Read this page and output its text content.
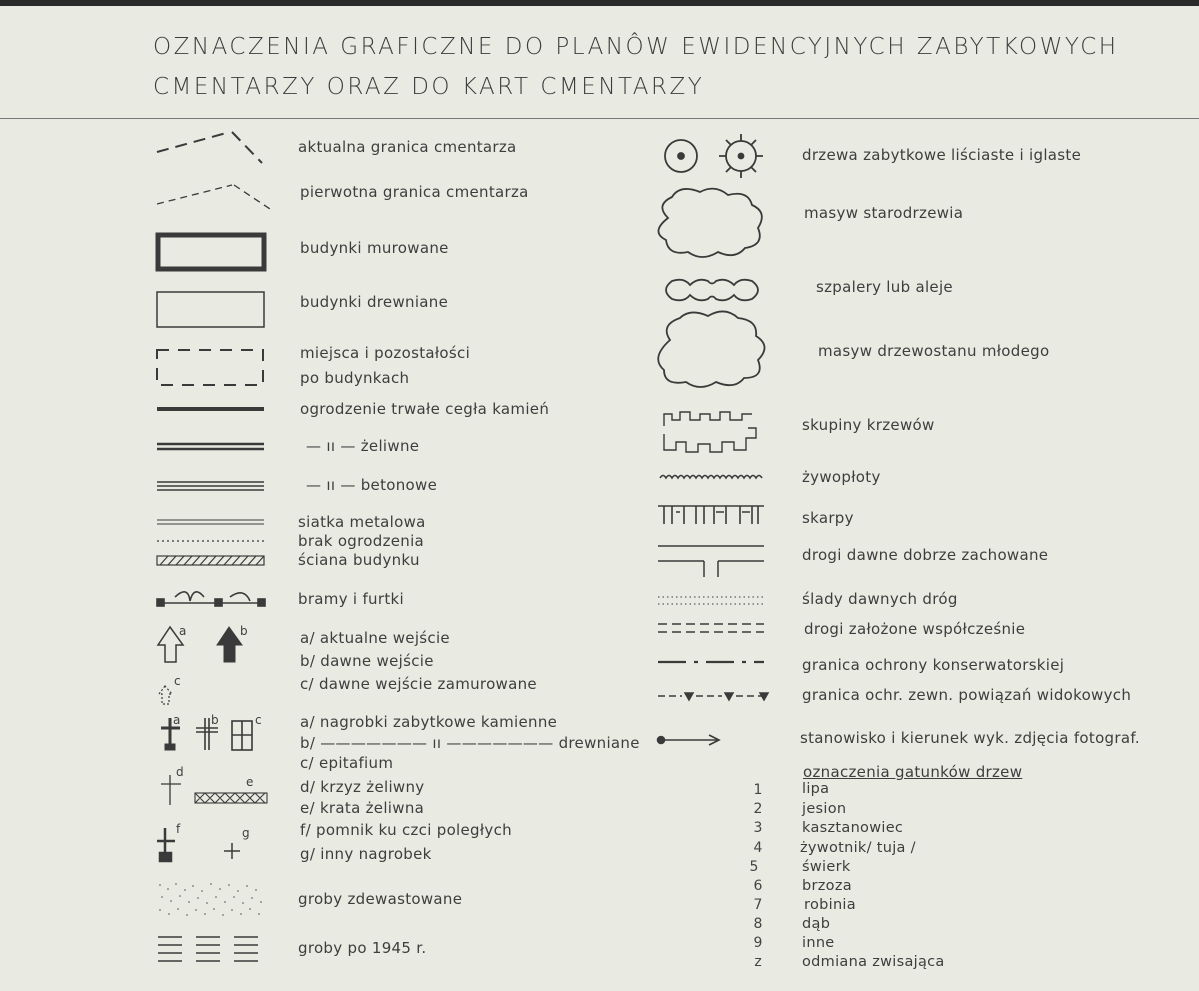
OZNACZENIA GRAFICZNE DO PLANÔW EWIDENCYJNYCH ZABYTKOWYCH
CMENTARZY ORAZ DO KART CMENTARZY
a	b
c
a	b	c
d
e
f	g
aktualna granica cmentarza
pierwotna granica cmentarza
budynki murowane
budynki drewniane
miejsca i pozostałości
po budynkach
ogrodzenie trwałe cegła kamień
— ıı — żeliwne
— ıı — betonowe
siatka metalowa
brak ogrodzenia
ściana budynku
bramy i furtki
a/ aktualne wejście
b/ dawne wejście
c/ dawne wejście zamurowane
a/ nagrobki zabytkowe kamienne
b/ ——————— ıı ——————— drewniane
c/ epitafium
d/ krzyz żeliwny
e/ krata żeliwna
f/ pomnik ku czci poległych
g/ inny nagrobek
groby zdewastowane
groby po 1945 r.
drzewa zabytkowe liściaste i iglaste
masyw starodrzewia
szpalery lub aleje
masyw drzewostanu młodego
skupiny krzewów
żywopłoty
skarpy
drogi dawne dobrze zachowane
ślady dawnych dróg
drogi założone współcześnie
granica ochrony konserwatorskiej
granica ochr. zewn. powiązań widokowych
stanowisko i kierunek wyk. zdjęcia fotograf.
oznaczenia gatunków drzew
1	lipa
2	jesion
3	kasztanowiec
4	żywotnik/ tuja /
5	świerk
6	brzoza
7	robinia
8	dąb
9	inne
z	odmiana zwisająca
